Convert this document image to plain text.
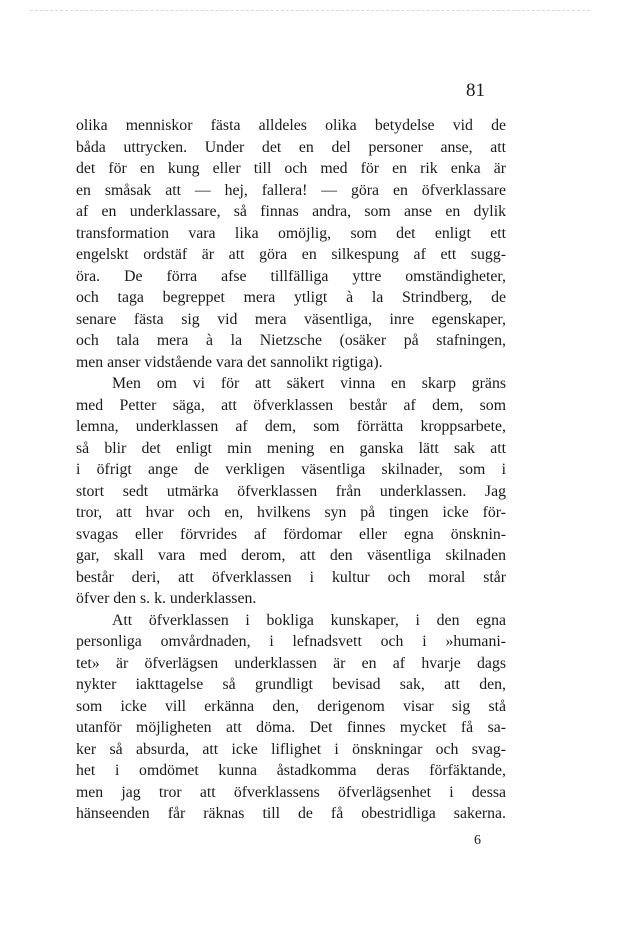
81
olika menniskor fästa alldeles olika betydelse vid de
båda uttrycken. Under det en del personer anse, att
det för en kung eller till och med för en rik enka är
en småsak att — hej, fallera! — göra en öfverklassare
af en underklassare, så finnas andra, som anse en dylik
transformation vara lika omöjlig, som det enligt ett
engelskt ordstäf är att göra en silkespung af ett sugg-
öra. De förra afse tillfälliga yttre omständigheter,
och taga begreppet mera ytligt à la Strindberg, de
senare fästa sig vid mera väsentliga, inre egenskaper,
och tala mera à la Nietzsche (osäker på stafningen,
men anser vidstående vara det sannolikt rigtiga).
Men om vi för att säkert vinna en skarp gräns
med Petter säga, att öfverklassen består af dem, som
lemna, underklassen af dem, som förrätta kroppsarbete,
så blir det enligt min mening en ganska lätt sak att
i öfrigt ange de verkligen väsentliga skilnader, som i
stort sedt utmärka öfverklassen från underklassen. Jag
tror, att hvar och en, hvilkens syn på tingen icke för-
svagas eller förvrides af fördomar eller egna önsknin-
gar, skall vara med derom, att den väsentliga skilnaden
består deri, att öfverklassen i kultur och moral står
öfver den s. k. underklassen.
Att öfverklassen i bokliga kunskaper, i den egna
personliga omvårdnaden, i lefnadsvett och i »humani-
tet» är öfverlägsen underklassen är en af hvarje dags
nykter iakttagelse så grundligt bevisad sak, att den,
som icke vill erkänna den, derigenom visar sig stå
utanför möjligheten att döma. Det finnes mycket få sa-
ker så absurda, att icke liflighet i önskningar och svag-
het i omdömet kunna åstadkomma deras förfäktande,
men jag tror att öfverklassens öfverlägsenhet i dessa
hänseenden får räknas till de få obestridliga sakerna.
6
